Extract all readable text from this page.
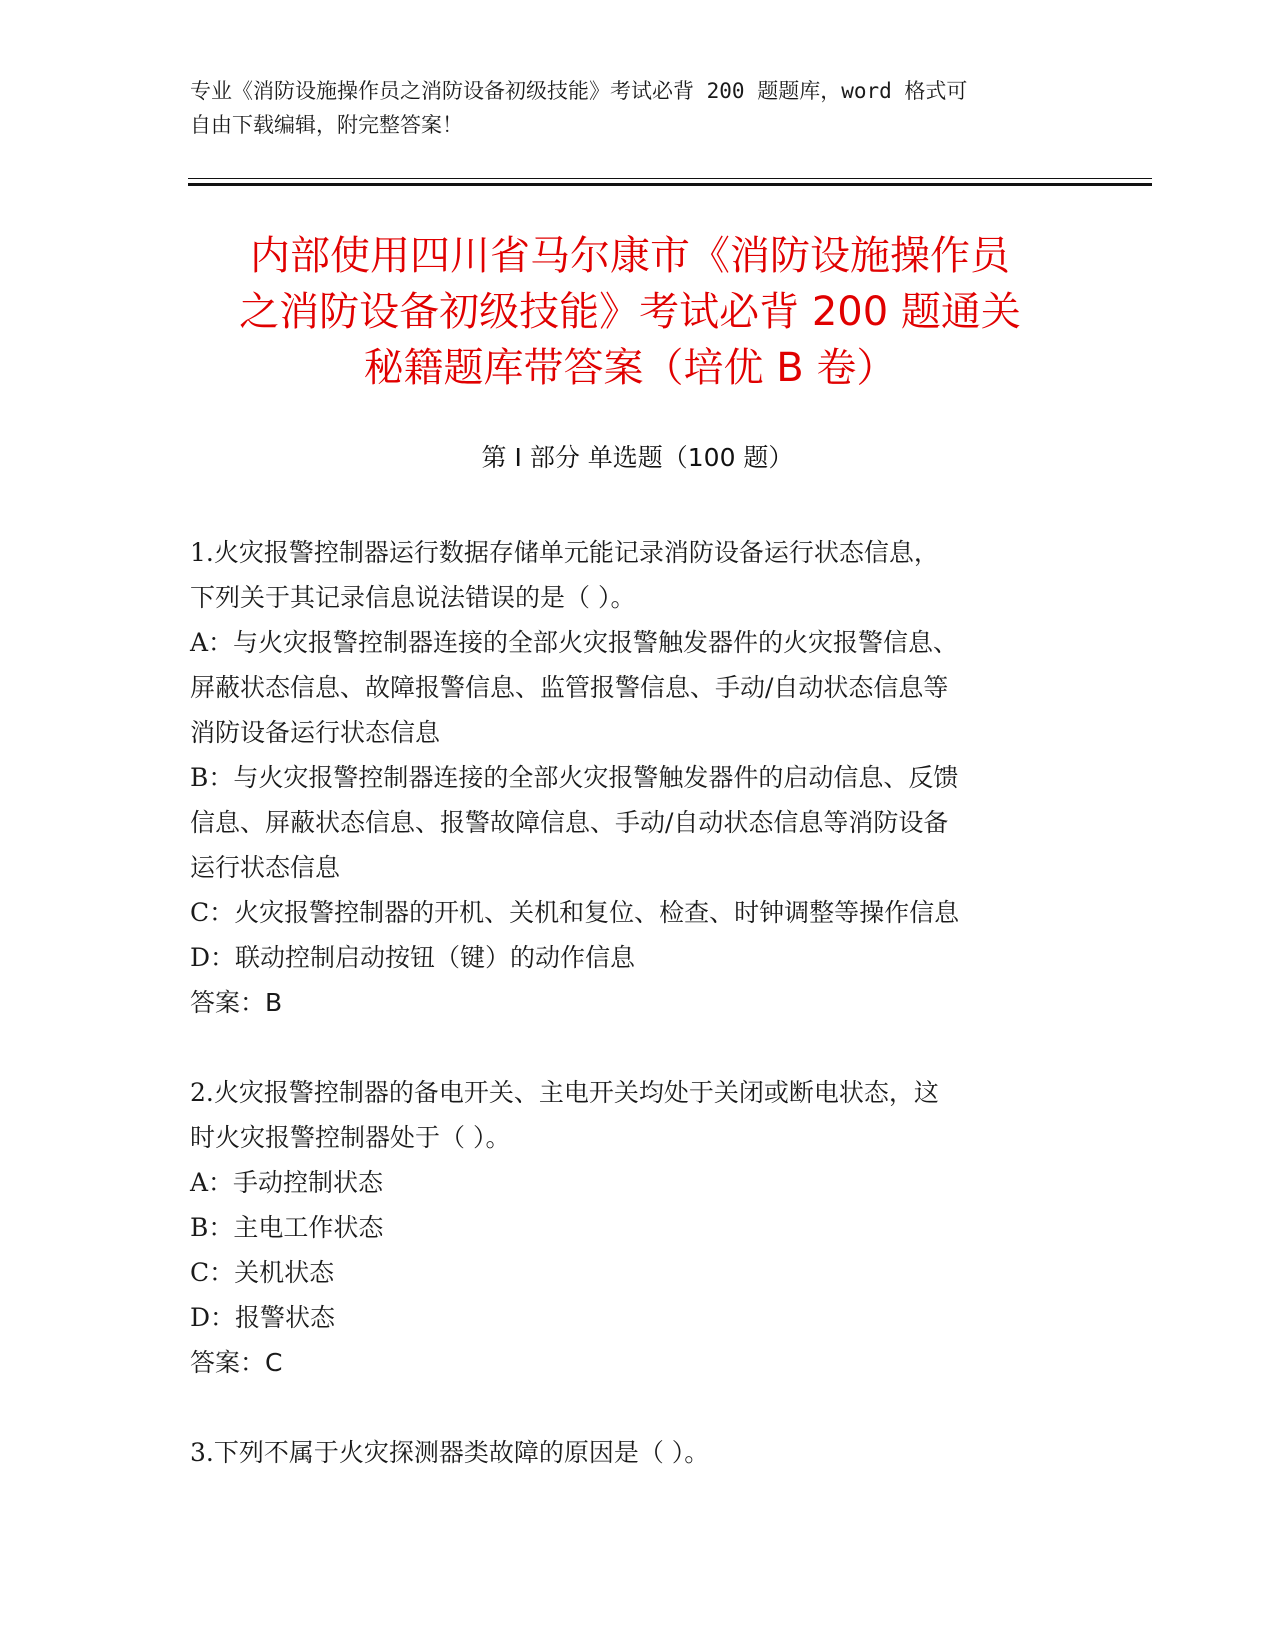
专业《消防设施操作员之消防设备初级技能》考试必背 200 题题库，word 格式可
自由下载编辑，附完整答案！
内部使用四川省马尔康市《消防设施操作员
之消防设备初级技能》考试必背 200 题通关
秘籍题库带答案（培优 B 卷）
第 I 部分 单选题（100 题）
1.火灾报警控制器运行数据存储单元能记录消防设备运行状态信息，
下列关于其记录信息说法错误的是（ ）。
A：与火灾报警控制器连接的全部火灾报警触发器件的火灾报警信息、
屏蔽状态信息、故障报警信息、监管报警信息、手动/自动状态信息等
消防设备运行状态信息
B：与火灾报警控制器连接的全部火灾报警触发器件的启动信息、反馈
信息、屏蔽状态信息、报警故障信息、手动/自动状态信息等消防设备
运行状态信息
C：火灾报警控制器的开机、关机和复位、检查、时钟调整等操作信息
D：联动控制启动按钮（键）的动作信息
答案：B
2.火灾报警控制器的备电开关、主电开关均处于关闭或断电状态，这
时火灾报警控制器处于（ ）。
A：手动控制状态
B：主电工作状态
C：关机状态
D：报警状态
答案：C
3.下列不属于火灾探测器类故障的原因是（ ）。
